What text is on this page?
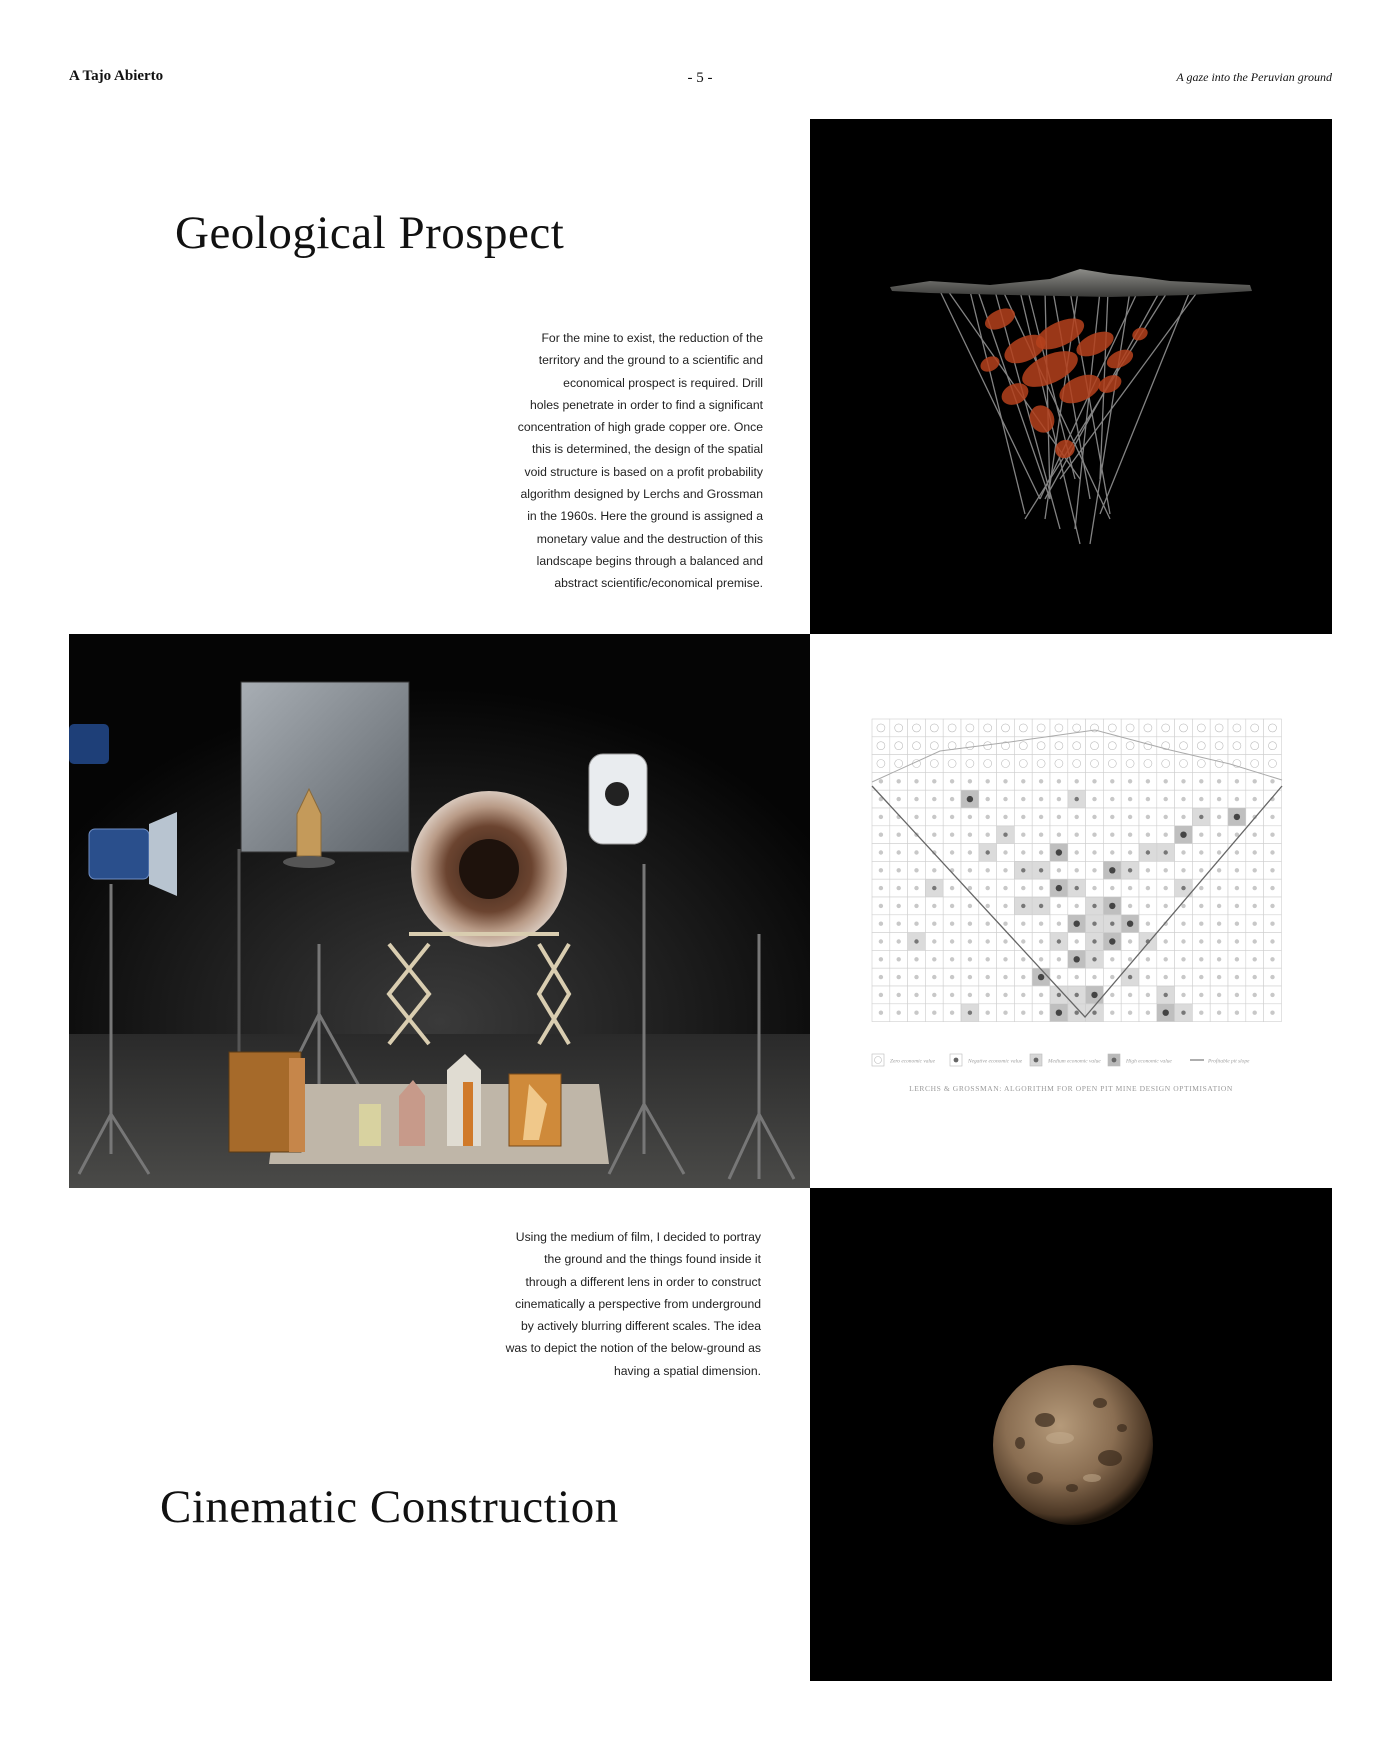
A Tajo Abierto	- 5 -	A gaze into the Peruvian ground
Geological Prospect
For the mine to exist, the reduction of the
territory and the ground to a scientific and
economical prospect is required. Drill
holes penetrate in order to find a significant
concentration of high grade copper ore. Once
this is determined, the design of the spatial
void structure is based on a profit probability
algorithm designed by Lerchs and Grossman
in the 1960s. Here the ground is assigned a
monetary value and the destruction of this
landscape begins through a balanced and
abstract scientific/economical premise.
Cinematic Construction
Using the medium of film, I decided to portray
the ground and the things found inside it
through a different lens in order to construct
cinematically a perspective from underground
by actively blurring different scales. The idea
was to depict the notion of the below-ground as
having a spatial dimension.
Zero economic value	Negative economic value	Medium economic value	High economic value	Profitable pit slope
LERCHS & GROSSMAN: ALGORITHM FOR OPEN PIT MINE DESIGN OPTIMISATION
